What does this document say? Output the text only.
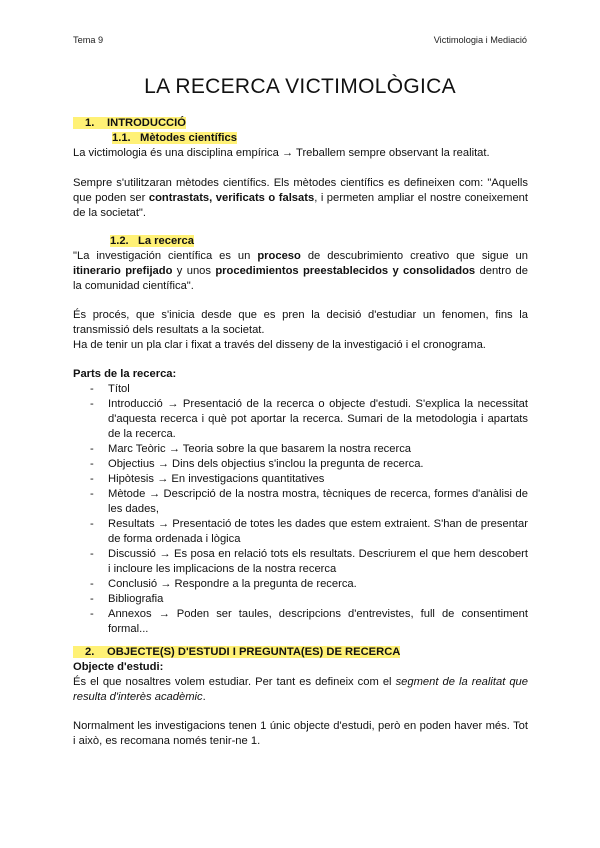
Tema 9	Victimologia i Mediació
LA RECERCA VICTIMOLÒGICA
1. INTRODUCCIÓ
1.1. Mètodes científics

La victimologia és una disciplina empírica → Treballem sempre observant la realitat.

Sempre s'utilitzaran mètodes científics. Els mètodes científics es defineixen com: "Aquells que poden ser contrastats, verificats o falsats, i permeten ampliar el nostre coneixement de la societat".

1.2. La recerca

"La investigación científica es un proceso de descubrimiento creativo que sigue un itinerario prefijado y unos procedimientos preestablecidos y consolidados dentro de la comunidad científica".

És procés, que s'inicia desde que es pren la decisió d'estudiar un fenomen, fins la transmissió dels resultats a la societat.
Ha de tenir un pla clar i fixat a través del disseny de la investigació i el cronograma.

Parts de la recerca:
- Títol
- Introducció → Presentació de la recerca o objecte d'estudi. S'explica la necessitat d'aquesta recerca i què pot aportar la recerca. Sumari de la metodologia i apartats de la recerca.
- Marc Teòric → Teoria sobre la que basarem la nostra recerca
- Objectius → Dins dels objectius s'inclou la pregunta de recerca.
- Hipòtesis → En investigacions quantitatives
- Mètode → Descripció de la nostra mostra, tècniques de recerca, formes d'anàlisi de les dades,
- Resultats → Presentació de totes les dades que estem extraient. S'han de presentar de forma ordenada i lògica
- Discussió → Es posa en relació tots els resultats. Descriurem el que hem descobert i incloure les implicacions de la nostra recerca
- Conclusió → Respondre a la pregunta de recerca.
- Bibliografia
- Annexos → Poden ser taules, descripcions d'entrevistes, full de consentiment formal...
2. OBJECTE(S) D'ESTUDI I PREGUNTA(ES) DE RECERCA
Objecte d'estudi:

És el que nosaltres volem estudiar. Per tant es defineix com el segment de la realitat que resulta d'interès acadèmic.

Normalment les investigacions tenen 1 únic objecte d'estudi, però en poden haver més. Tot i això, es recomana només tenir-ne 1.
